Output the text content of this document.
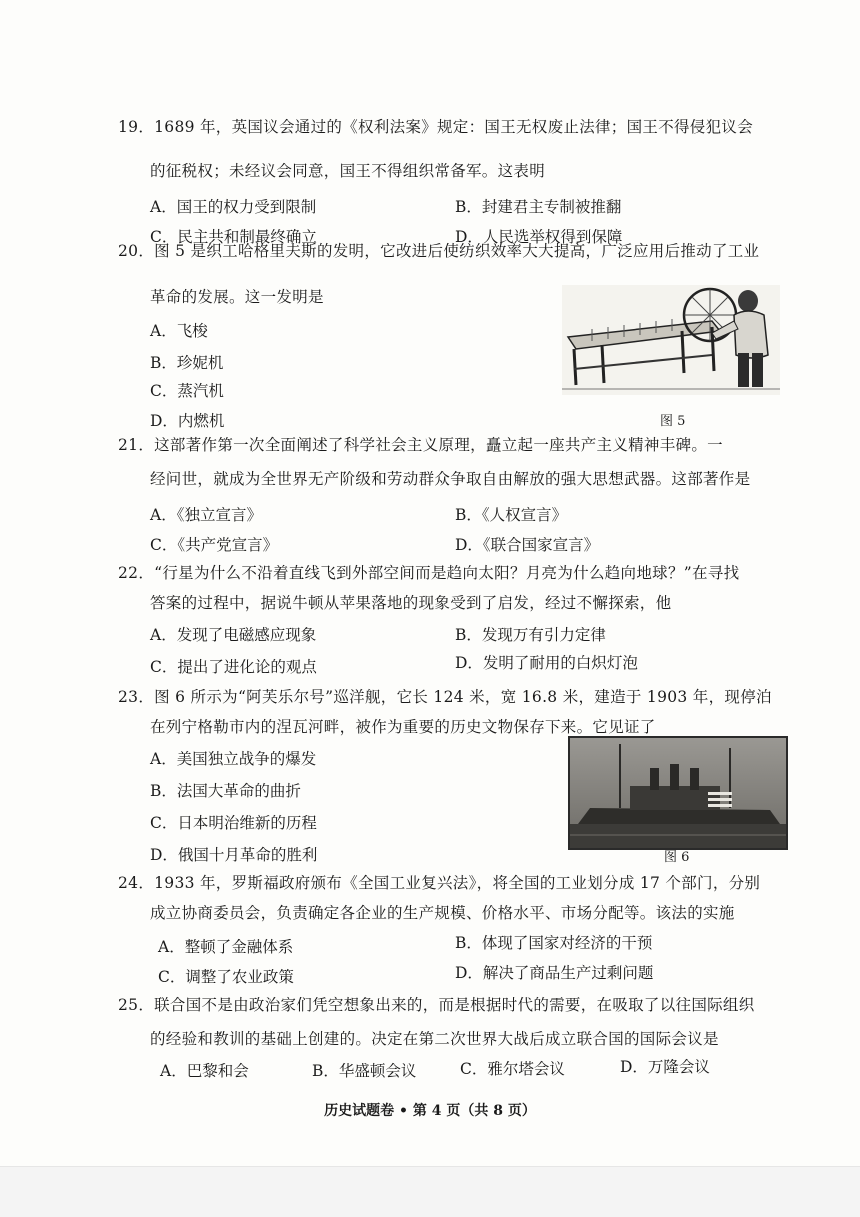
19．1689 年，英国议会通过的《权利法案》规定：国王无权废止法律；国王不得侵犯议会
的征税权；未经议会同意，国王不得组织常备军。这表明
A．国王的权力受到限制	B．封建君主专制被推翻
C．民主共和制最终确立	D．人民选举权得到保障
20．图 5 是织工哈格里夫斯的发明，它改进后使纺织效率大大提高，广泛应用后推动了工业
革命的发展。这一发明是
A．飞梭
B．珍妮机
C．蒸汽机
D．内燃机	图 5
21．这部著作第一次全面阐述了科学社会主义原理，矗立起一座共产主义精神丰碑。一
经问世，就成为全世界无产阶级和劳动群众争取自由解放的强大思想武器。这部著作是
A．《独立宣言》	B．《人权宣言》
C．《共产党宣言》	D．《联合国家宣言》
22．“行星为什么不沿着直线飞到外部空间而是趋向太阳？月亮为什么趋向地球？”在寻找
答案的过程中，据说牛顿从苹果落地的现象受到了启发，经过不懈探索，他
A．发现了电磁感应现象	B．发现万有引力定律
C．提出了进化论的观点	D．发明了耐用的白炽灯泡
23．图 6 所示为“阿芙乐尔号”巡洋舰，它长 124 米，宽 16.8 米，建造于 1903 年，现停泊
在列宁格勒市内的涅瓦河畔，被作为重要的历史文物保存下来。它见证了
A．美国独立战争的爆发
B．法国大革命的曲折
C．日本明治维新的历程
D．俄国十月革命的胜利	图 6
24．1933 年，罗斯福政府颁布《全国工业复兴法》，将全国的工业划分成 17 个部门，分别
成立协商委员会，负责确定各企业的生产规模、价格水平、市场分配等。该法的实施
A．整顿了金融体系	B．体现了国家对经济的干预
C．调整了农业政策	D．解决了商品生产过剩问题
25．联合国不是由政治家们凭空想象出来的，而是根据时代的需要，在吸取了以往国际组织
的经验和教训的基础上创建的。决定在第二次世界大战后成立联合国的国际会议是
A．巴黎和会	B．华盛顿会议	C．雅尔塔会议	D．万隆会议
历史试题卷 • 第 4 页（共 8 页）
